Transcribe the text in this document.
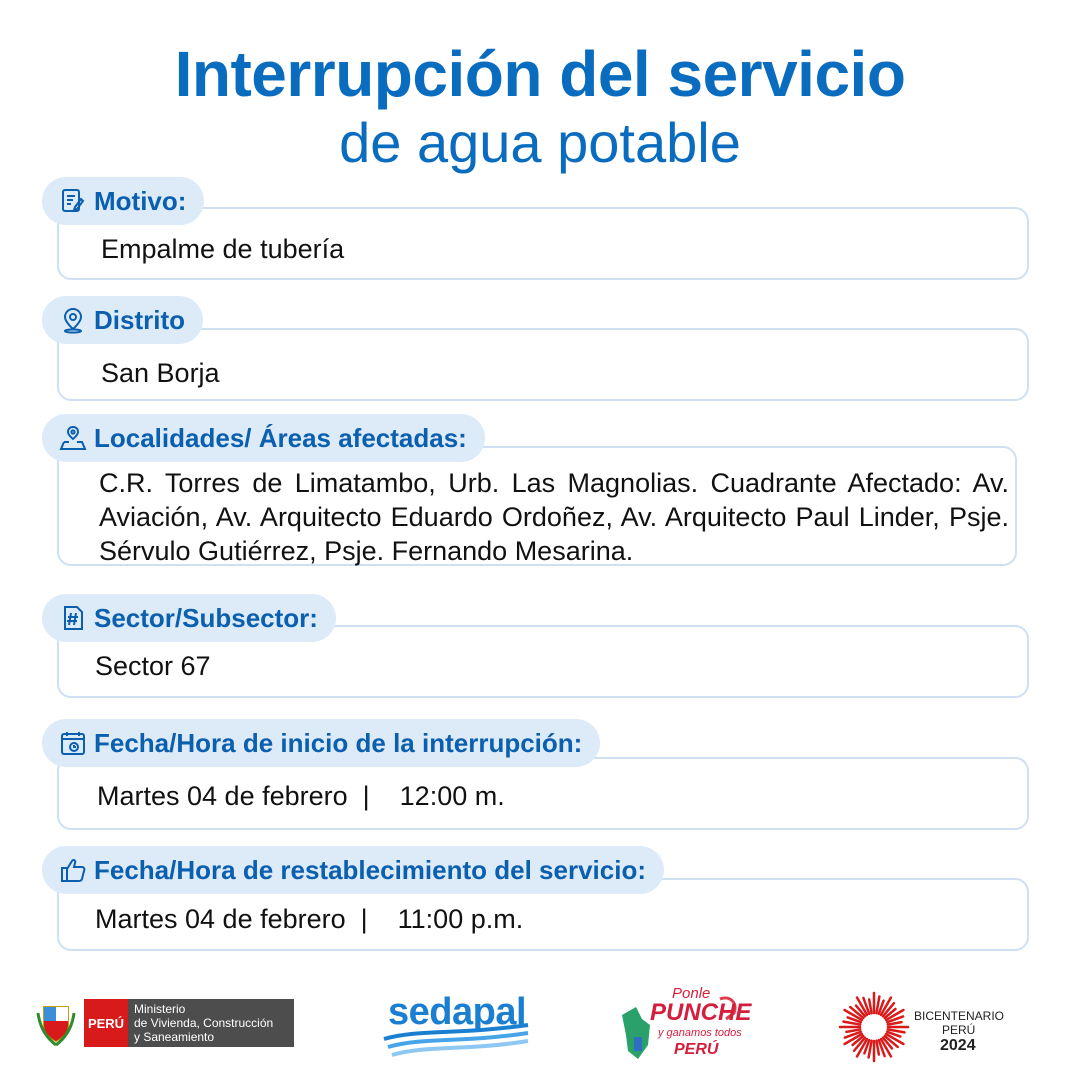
Interrupción del servicio
de agua potable
Empalme de tubería
Motivo:
San Borja
Distrito
C.R. Torres de Limatambo, Urb. Las Magnolias. Cuadrante Afectado: Av. Aviación, Av. Arquitecto Eduardo Ordoñez, Av. Arquitecto Paul Linder, Psje. Sérvulo Gutiérrez, Psje. Fernando Mesarina.
Localidades/ Áreas afectadas:
Sector 67
Sector/Subsector:
Martes 04 de febrero  |    12:00 m.
Fecha/Hora de inicio de la interrupción:
Martes 04 de febrero  |    11:00 p.m.
Fecha/Hora de restablecimiento del servicio:
PERÚ
Ministerio
de Vivienda, Construcción
y Saneamiento
sedapal	Ponle
PUNCHE
y ganamos todos
PERÚ
BICENTENARIO
PERÚ
2024
